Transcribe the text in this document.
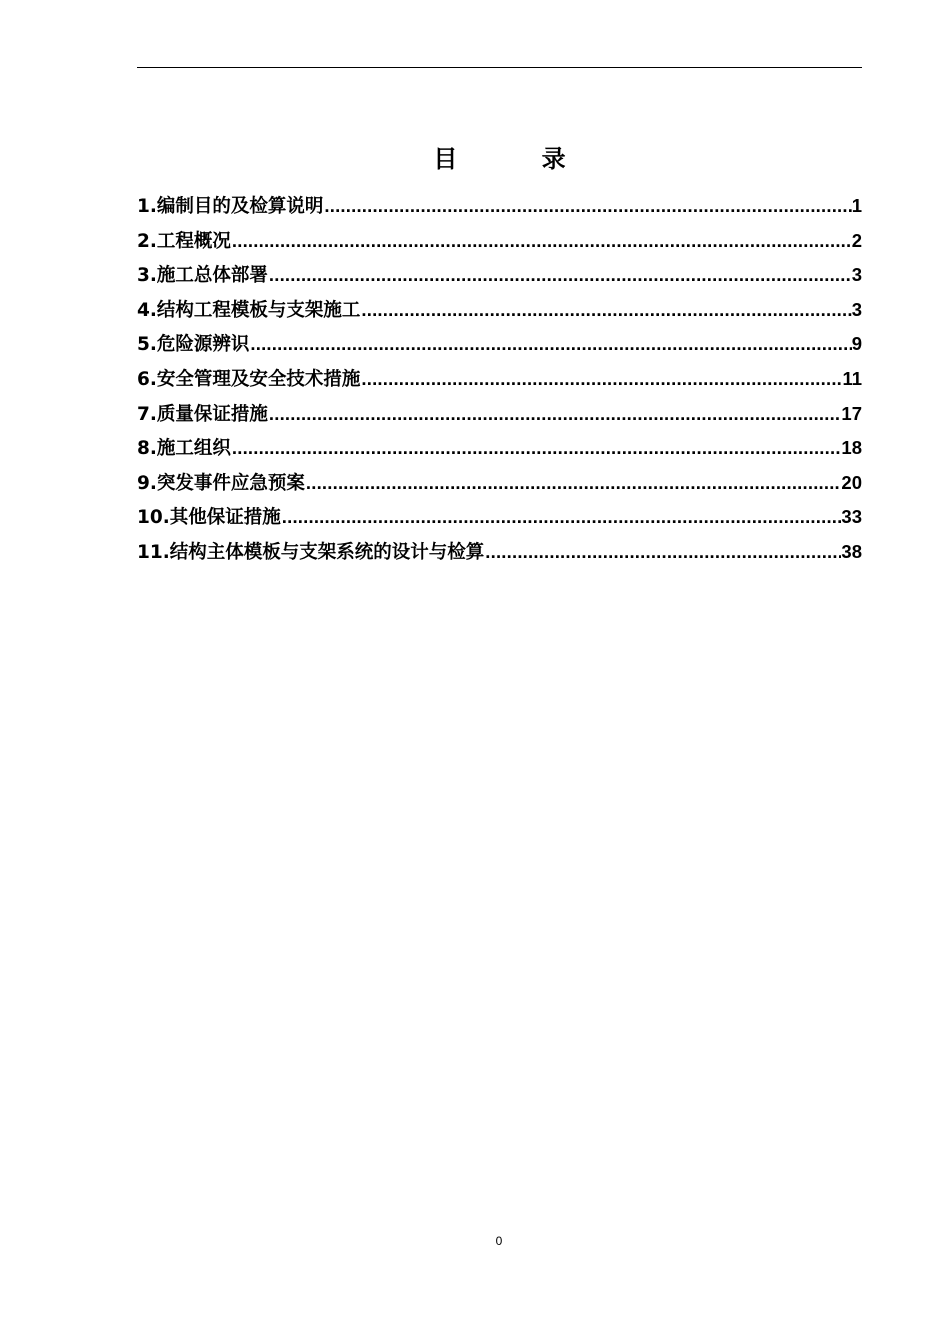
目 录
1.编制目的及检算说明 .....	1
2.工程概况 .....	2
3.施工总体部署 .....	3
4.结构工程模板与支架施工 .....	3
5.危险源辨识 .....	9
6.安全管理及安全技术措施 .....	11
7.质量保证措施 .....	17
8.施工组织 .....	18
9.突发事件应急预案 .....	20
10.其他保证措施 .....	33
11.结构主体模板与支架系统的设计与检算 .....	38
0
